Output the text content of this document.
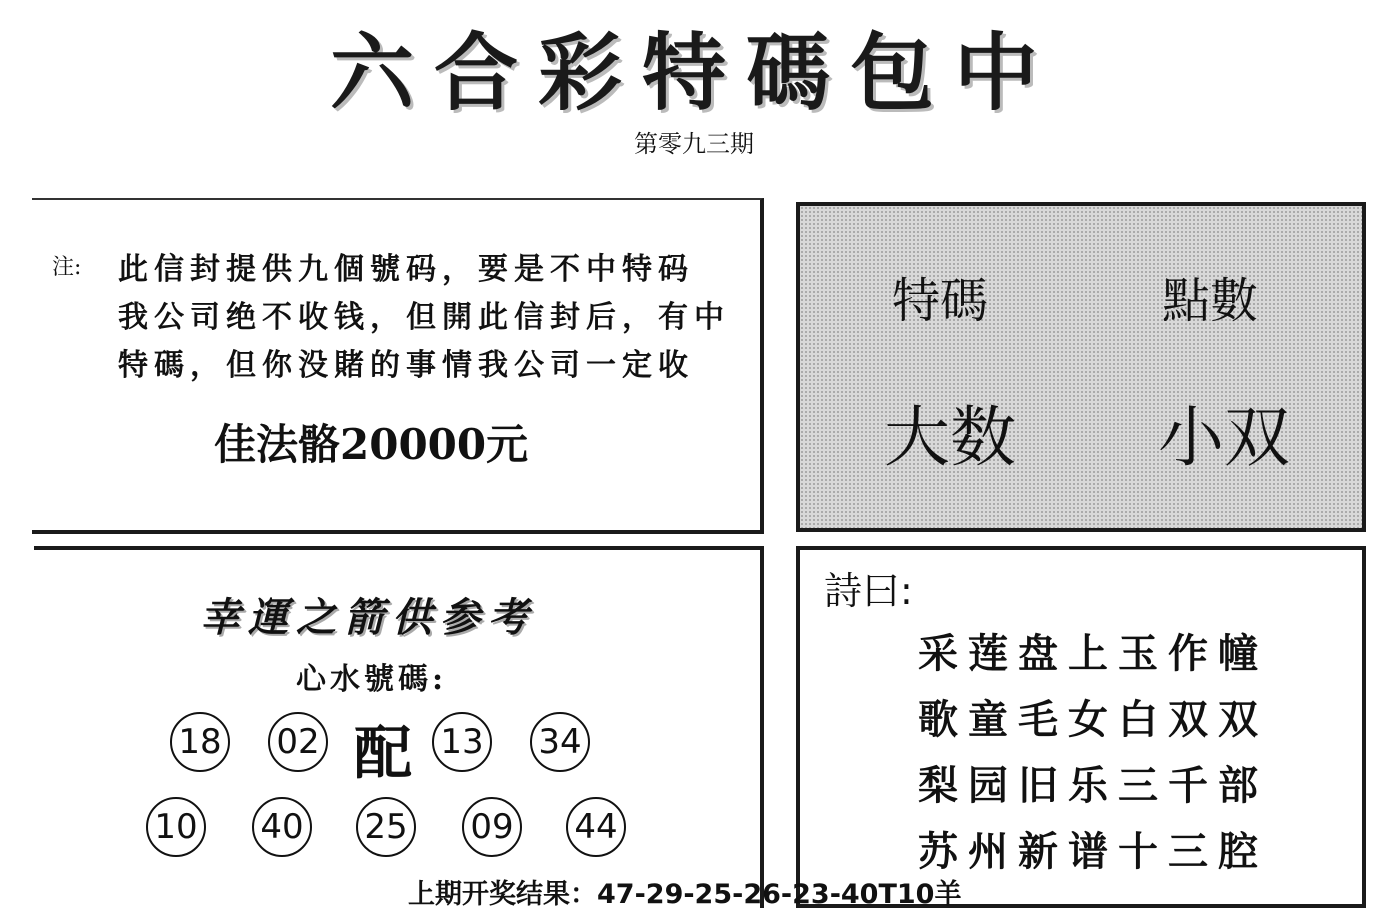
六合彩特碼包中
第零九三期
注: 此信封提供九個號码，要是不中特码
我公司绝不收钱，但開此信封后，有中
特碼，但你没賭的事情我公司一定收
佳法骼20000元
特碼	點數
大数 小双
幸運之箭供参考
心水號碼:
18 02 配 13 34
10 40 25 09 44
詩曰:
采莲盘上玉作幢
歌童毛女白双双
梨园旧乐三千部
苏州新谱十三腔
上期开奖结果：47-29-25-26-23-40T10羊
